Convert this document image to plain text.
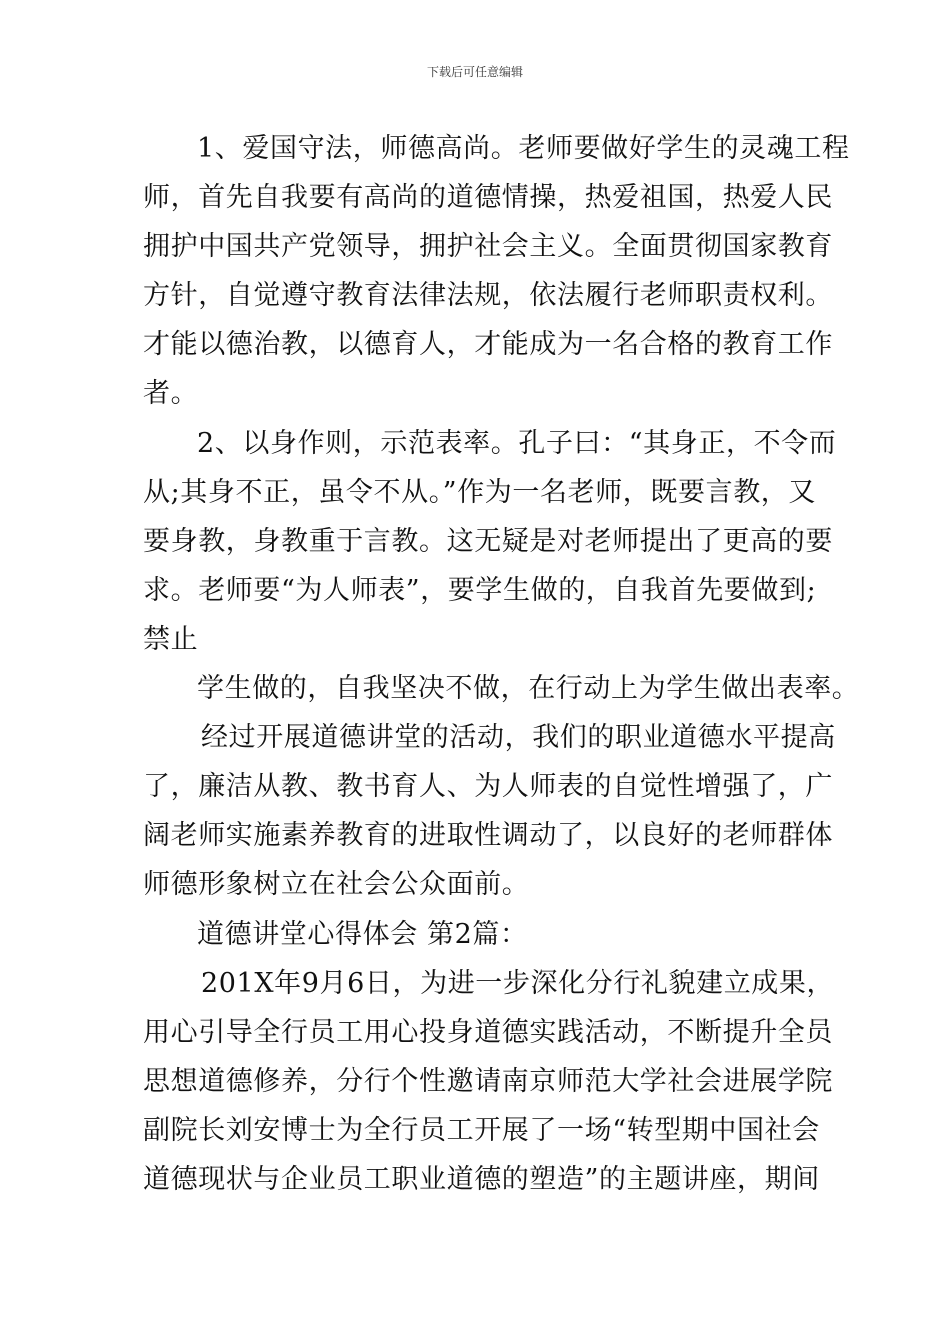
下载后可任意编辑
1、爱国守法，师德高尚。老师要做好学生的灵魂工程
师，首先自我要有高尚的道德情操，热爱祖国，热爱人民
拥护中国共产党领导，拥护社会主义。全面贯彻国家教育
方针，自觉遵守教育法律法规，依法履行老师职责权利。
才能以德治教，以德育人，才能成为一名合格的教育工作
者。
2、以身作则，示范表率。孔子曰：“其身正，不令而
从;其身不正，虽令不从。”作为一名老师，既要言教，又
要身教，身教重于言教。这无疑是对老师提出了更高的要
求。老师要“为人师表”，要学生做的，自我首先要做到;
禁止
学生做的，自我坚决不做，在行动上为学生做出表率。
经过开展道德讲堂的活动，我们的职业道德水平提高
了，廉洁从教、教书育人、为人师表的自觉性增强了，广
阔老师实施素养教育的进取性调动了，以良好的老师群体
师德形象树立在社会公众面前。
道德讲堂心得体会 第2篇：
201X年9月6日，为进一步深化分行礼貌建立成果，
用心引导全行员工用心投身道德实践活动，不断提升全员
思想道德修养，分行个性邀请南京师范大学社会进展学院
副院长刘安博士为全行员工开展了一场“转型期中国社会
道德现状与企业员工职业道德的塑造”的主题讲座，期间
